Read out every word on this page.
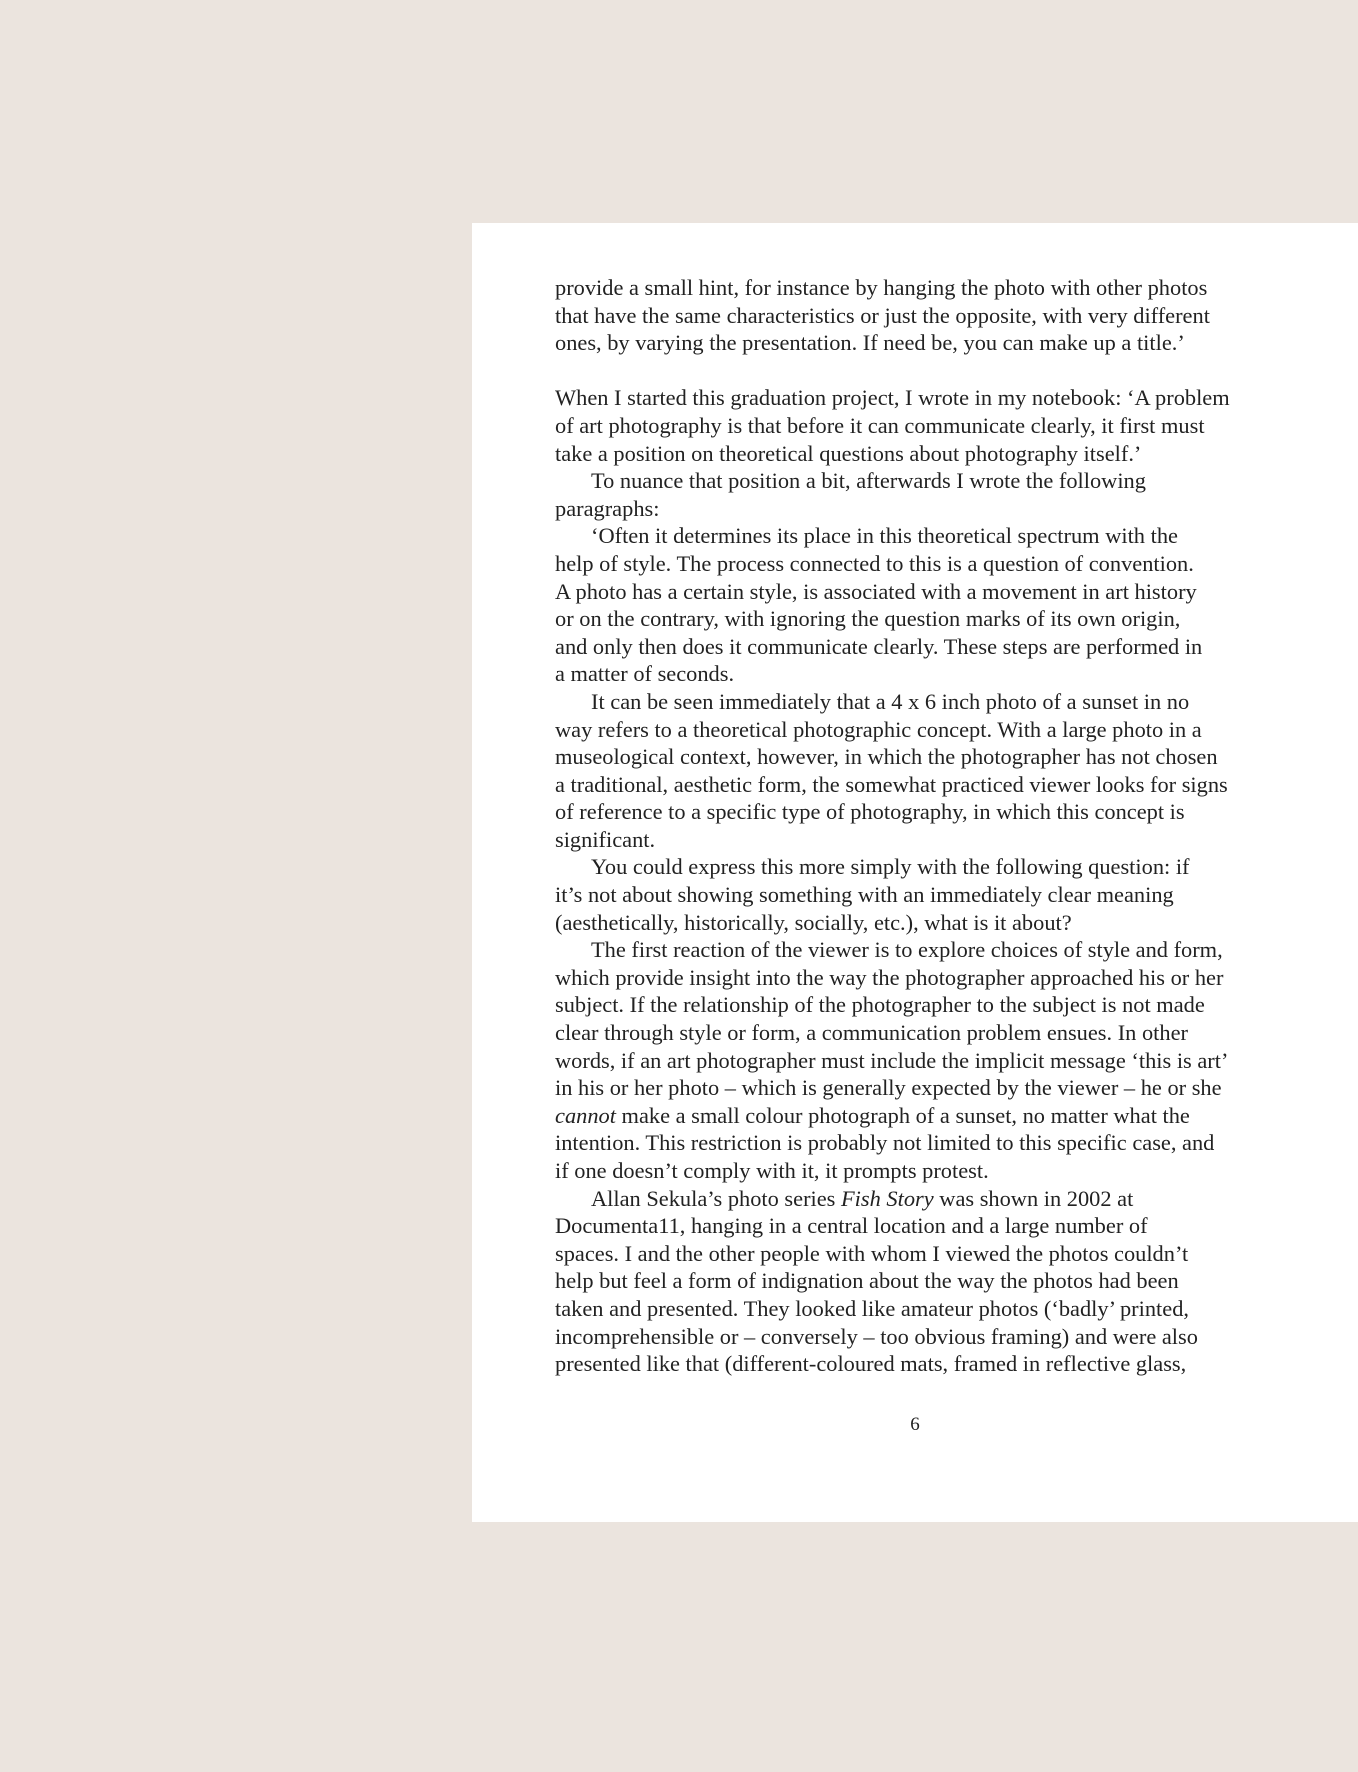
provide a small hint, for instance by hanging the photo with other photos
that have the same characteristics or just the opposite, with very different
ones, by varying the presentation. If need be, you can make up a title.’
When I started this graduation project, I wrote in my notebook: ‘A problem
of art photography is that before it can communicate clearly, it first must
take a position on theoretical questions about photography itself.’
To nuance that position a bit, afterwards I wrote the following
paragraphs:
‘Often it determines its place in this theoretical spectrum with the
help of style. The process connected to this is a question of convention.
A photo has a certain style, is associated with a movement in art history
or on the contrary, with ignoring the question marks of its own origin,
and only then does it communicate clearly. These steps are performed in
a matter of seconds.
It can be seen immediately that a 4 x 6 inch photo of a sunset in no
way refers to a theoretical photographic concept. With a large photo in a
museological context, however, in which the photographer has not chosen
a traditional, aesthetic form, the somewhat practiced viewer looks for signs
of reference to a specific type of photography, in which this concept is
significant.
You could express this more simply with the following question: if
it’s not about showing something with an immediately clear meaning
(aesthetically, historically, socially, etc.), what is it about?
The first reaction of the viewer is to explore choices of style and form,
which provide insight into the way the photographer approached his or her
subject. If the relationship of the photographer to the subject is not made
clear through style or form, a communication problem ensues. In other
words, if an art photographer must include the implicit message ‘this is art’
in his or her photo – which is generally expected by the viewer – he or she
cannot make a small colour photograph of a sunset, no matter what the
intention. This restriction is probably not limited to this specific case, and
if one doesn’t comply with it, it prompts protest.
Allan Sekula’s photo series Fish Story was shown in 2002 at
Documenta11, hanging in a central location and a large number of
spaces. I and the other people with whom I viewed the photos couldn’t
help but feel a form of indignation about the way the photos had been
taken and presented. They looked like amateur photos (‘badly’ printed,
incomprehensible or – conversely – too obvious framing) and were also
presented like that (different-coloured mats, framed in reflective glass,
6
